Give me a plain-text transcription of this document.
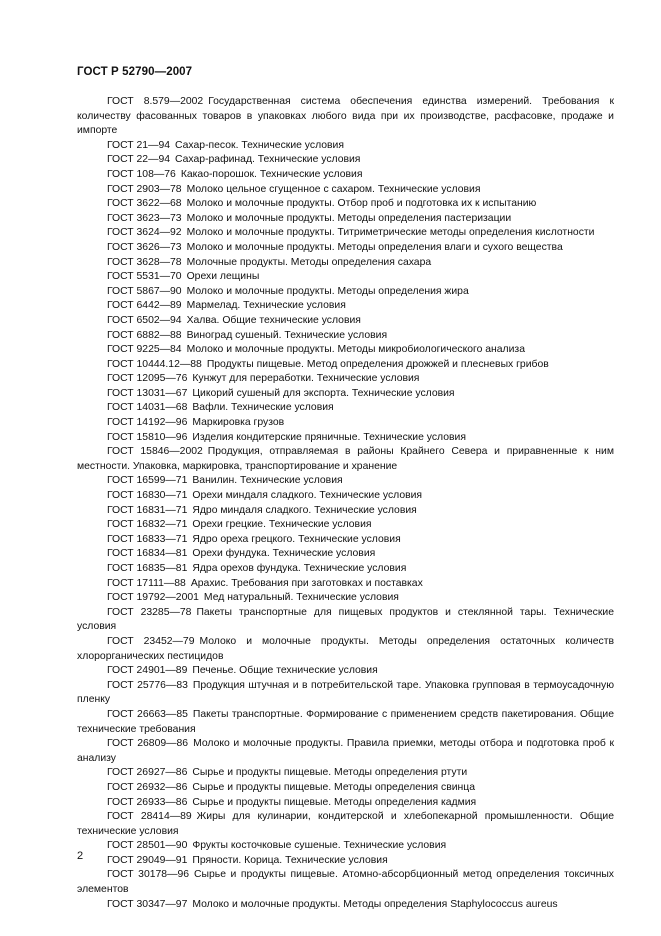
ГОСТ Р 52790—2007
ГОСТ 8.579—2002 Государственная система обеспечения единства измерений. Требования к количеству фасованных товаров в упаковках любого вида при их производстве, расфасовке, продаже и импорте
ГОСТ 21—94 Сахар-песок. Технические условия
ГОСТ 22—94 Сахар-рафинад. Технические условия
ГОСТ 108—76 Какао-порошок. Технические условия
ГОСТ 2903—78 Молоко цельное сгущенное с сахаром. Технические условия
ГОСТ 3622—68 Молоко и молочные продукты. Отбор проб и подготовка их к испытанию
ГОСТ 3623—73 Молоко и молочные продукты. Методы определения пастеризации
ГОСТ 3624—92 Молоко и молочные продукты. Титриметрические методы определения кислотности
ГОСТ 3626—73 Молоко и молочные продукты. Методы определения влаги и сухого вещества
ГОСТ 3628—78 Молочные продукты. Методы определения сахара
ГОСТ 5531—70 Орехи лещины
ГОСТ 5867—90 Молоко и молочные продукты. Методы определения жира
ГОСТ 6442—89 Мармелад. Технические условия
ГОСТ 6502—94 Халва. Общие технические условия
ГОСТ 6882—88 Виноград сушеный. Технические условия
ГОСТ 9225—84 Молоко и молочные продукты. Методы микробиологического анализа
ГОСТ 10444.12—88 Продукты пищевые. Метод определения дрожжей и плесневых грибов
ГОСТ 12095—76 Кунжут для переработки. Технические условия
ГОСТ 13031—67 Цикорий сушеный для экспорта. Технические условия
ГОСТ 14031—68 Вафли. Технические условия
ГОСТ 14192—96 Маркировка грузов
ГОСТ 15810—96 Изделия кондитерские пряничные. Технические условия
ГОСТ 15846—2002 Продукция, отправляемая в районы Крайнего Севера и приравненные к ним местности. Упаковка, маркировка, транспортирование и хранение
ГОСТ 16599—71 Ванилин. Технические условия
ГОСТ 16830—71 Орехи миндаля сладкого. Технические условия
ГОСТ 16831—71 Ядро миндаля сладкого. Технические условия
ГОСТ 16832—71 Орехи грецкие. Технические условия
ГОСТ 16833—71 Ядро ореха грецкого. Технические условия
ГОСТ 16834—81 Орехи фундука. Технические условия
ГОСТ 16835—81 Ядра орехов фундука. Технические условия
ГОСТ 17111—88 Арахис. Требования при заготовках и поставках
ГОСТ 19792—2001 Мед натуральный. Технические условия
ГОСТ 23285—78 Пакеты транспортные для пищевых продуктов и стеклянной тары. Технические условия
ГОСТ 23452—79 Молоко и молочные продукты. Методы определения остаточных количеств хлорорганических пестицидов
ГОСТ 24901—89 Печенье. Общие технические условия
ГОСТ 25776—83 Продукция штучная и в потребительской таре. Упаковка групповая в термоусадочную пленку
ГОСТ 26663—85 Пакеты транспортные. Формирование с применением средств пакетирования. Общие технические требования
ГОСТ 26809—86 Молоко и молочные продукты. Правила приемки, методы отбора и подготовка проб к анализу
ГОСТ 26927—86 Сырье и продукты пищевые. Методы определения ртути
ГОСТ 26932—86 Сырье и продукты пищевые. Методы определения свинца
ГОСТ 26933—86 Сырье и продукты пищевые. Методы определения кадмия
ГОСТ 28414—89 Жиры для кулинарии, кондитерской и хлебопекарной промышленности. Общие технические условия
ГОСТ 28501—90 Фрукты косточковые сушеные. Технические условия
ГОСТ 29049—91 Пряности. Корица. Технические условия
ГОСТ 30178—96 Сырье и продукты пищевые. Атомно-абсорбционный метод определения токсичных элементов
ГОСТ 30347—97 Молоко и молочные продукты. Методы определения Staphylococcus aureus
2
